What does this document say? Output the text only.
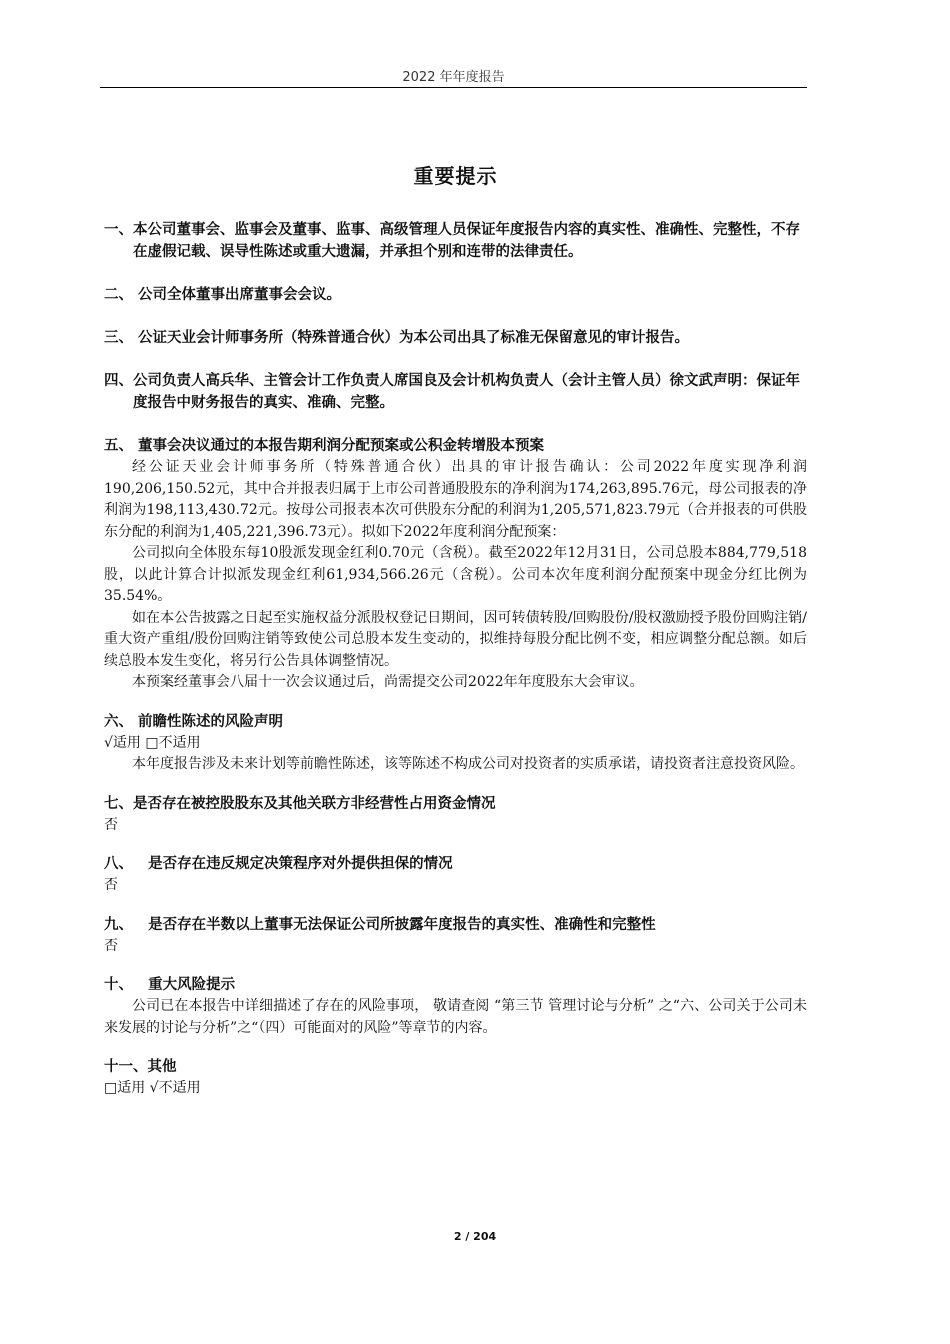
2022 年年度报告
重要提示

一、本公司董事会、监事会及董事、监事、高级管理人员保证年度报告内容的真实性、准确性、完整性，不存在虚假记载、误导性陈述或重大遗漏，并承担个别和连带的法律责任。

二、 公司全体董事出席董事会会议。

三、 公证天业会计师事务所（特殊普通合伙）为本公司出具了标准无保留意见的审计报告。

四、公司负责人高兵华、主管会计工作负责人席国良及会计机构负责人（会计主管人员）徐文武声明：保证年度报告中财务报告的真实、准确、完整。

五、 董事会决议通过的本报告期利润分配预案或公积金转增股本预案

经公证天业会计师事务所（特殊普通合伙）出具的审计报告确认：公司2022年度实现净利润190,206,150.52元，其中合并报表归属于上市公司普通股股东的净利润为174,263,895.76元，母公司报表的净利润为198,113,430.72元。按母公司报表本次可供股东分配的利润为1,205,571,823.79元（合并报表的可供股东分配的利润为1,405,221,396.73元）。拟如下2022年度利润分配预案：

公司拟向全体股东每10股派发现金红利0.70元（含税）。截至2022年12月31日，公司总股本884,779,518股，以此计算合计拟派发现金红利61,934,566.26元（含税）。公司本次年度利润分配预案中现金分红比例为35.54%。

如在本公告披露之日起至实施权益分派股权登记日期间，因可转债转股/回购股份/股权激励授予股份回购注销/重大资产重组/股份回购注销等致使公司总股本发生变动的，拟维持每股分配比例不变，相应调整分配总额。如后续总股本发生变化，将另行公告具体调整情况。

本预案经董事会八届十一次会议通过后，尚需提交公司2022年年度股东大会审议。

六、 前瞻性陈述的风险声明

√适用 □不适用

本年度报告涉及未来计划等前瞻性陈述，该等陈述不构成公司对投资者的实质承诺，请投资者注意投资风险。

七、是否存在被控股股东及其他关联方非经营性占用资金情况

否

八、   是否存在违反规定决策程序对外提供担保的情况

否

九、   是否存在半数以上董事无法保证公司所披露年度报告的真实性、准确性和完整性

否

十、   重大风险提示

公司已在本报告中详细描述了存在的风险事项， 敬请查阅 “第三节 管理讨论与分析” 之“六、公司关于公司未来发展的讨论与分析”之“（四）可能面对的风险”等章节的内容。

十一、其他

□适用 √不适用

2 / 204
